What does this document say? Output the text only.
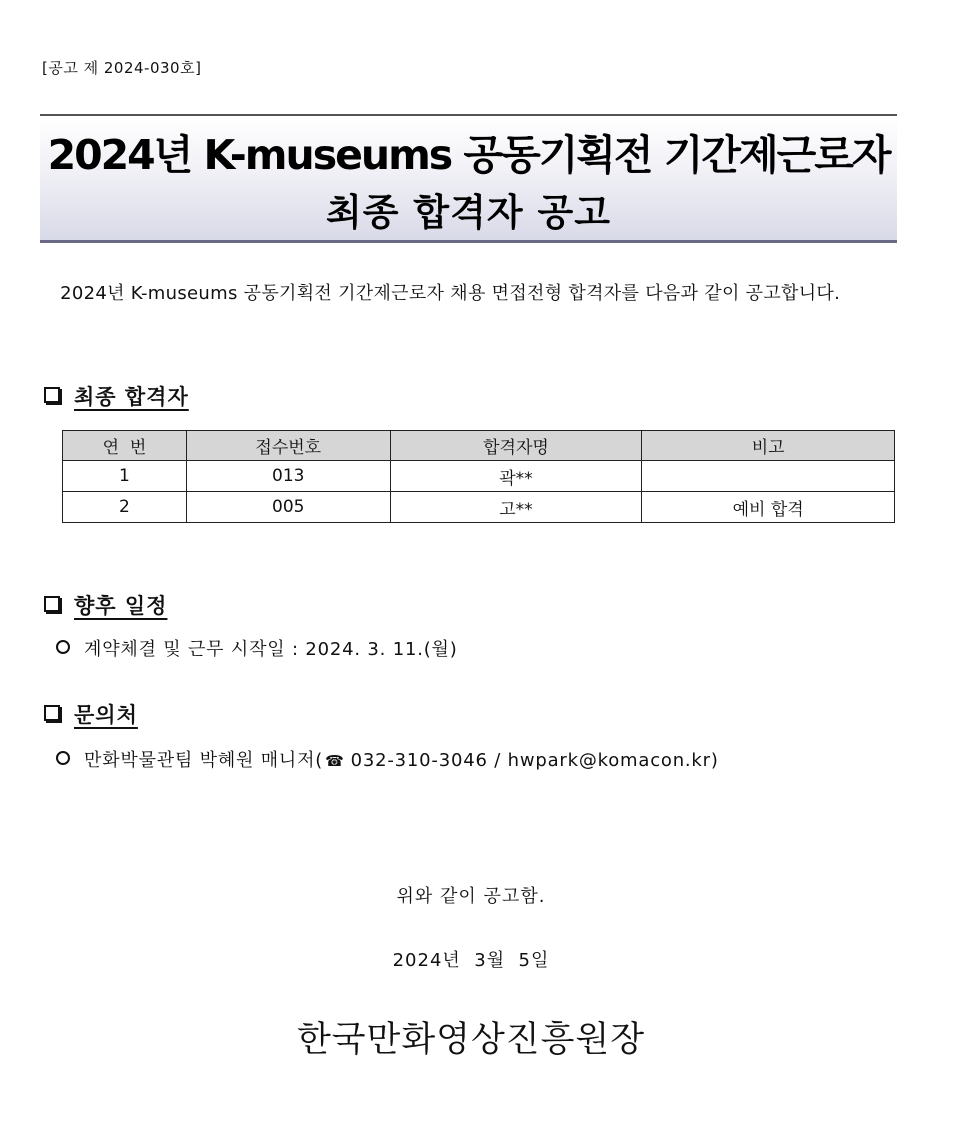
[공고 제 2024-030호]
2024년 K-museums 공동기획전 기간제근로자
최종 합격자 공고
2024년 K-museums 공동기획전 기간제근로자 채용 면접전형 합격자를 다음과 같이 공고합니다.
최종 합격자
연  번	접수번호	합격자명	비고
1	013	곽**	
2	005	고**	예비 합격
향후 일정
계약체결 및 근무 시작일 : 2024. 3. 11.(월)
문의처
만화박물관팀 박혜원 매니저( ☎ 032-310-3046 / hwpark@komacon.kr)
위와 같이 공고함.
2024년  3월  5일
한국만화영상진흥원장
